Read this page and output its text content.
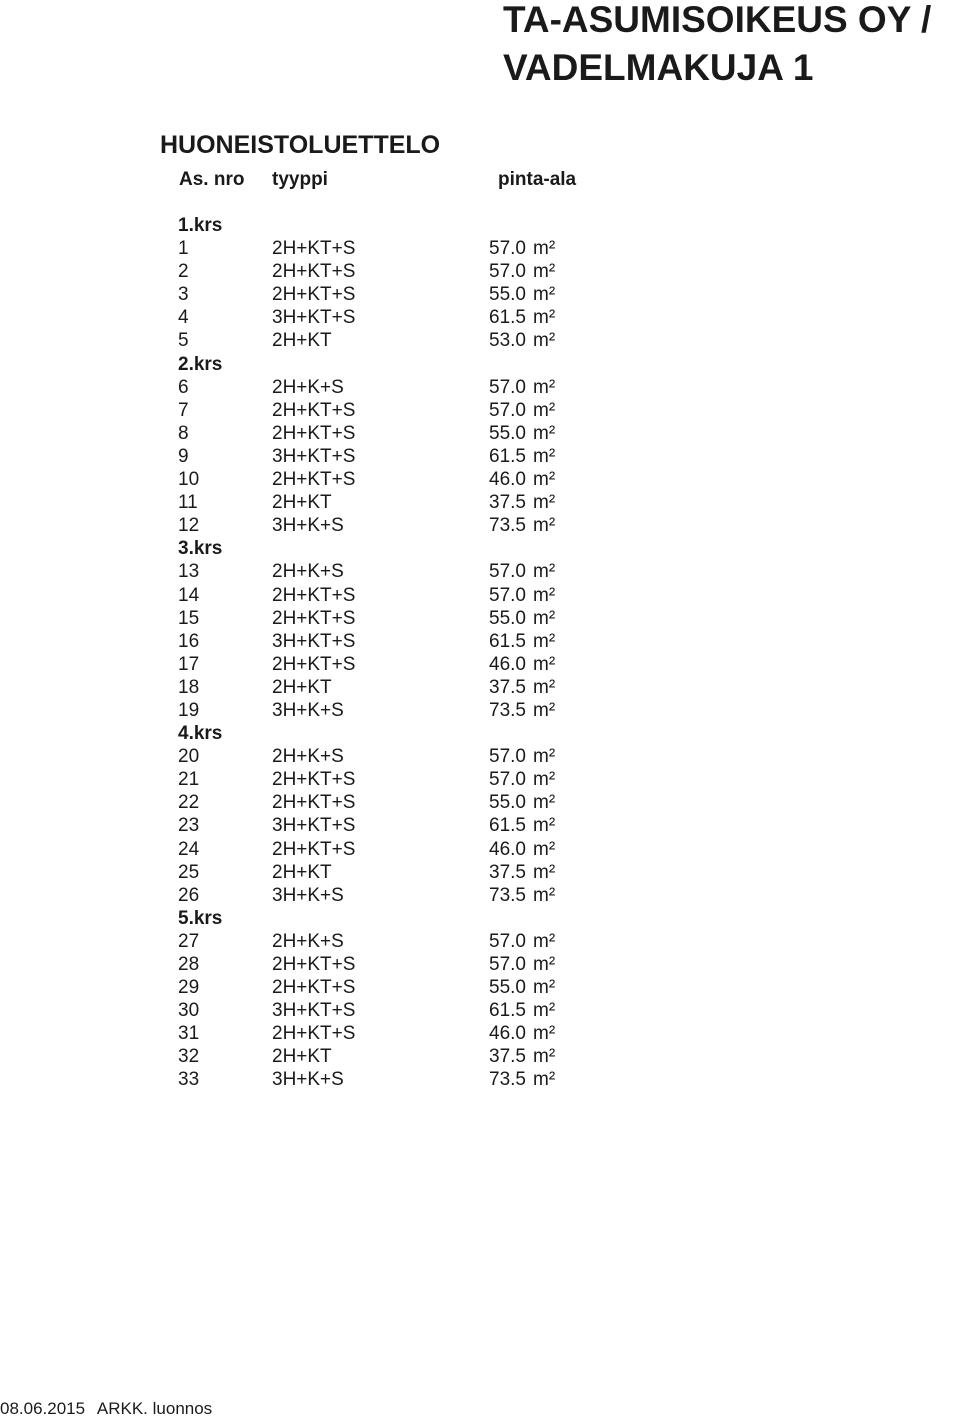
TA-ASUMISOIKEUS OY /
VADELMAKUJA 1
HUONEISTOLUETTELO
As. nro tyyppi	pinta-ala
1.krs
1	2H+KT+S	57.0 m²
2	2H+KT+S	57.0 m²
3	2H+KT+S	55.0 m²
4	3H+KT+S	61.5 m²
5	2H+KT	53.0 m²
2.krs
6	2H+K+S	57.0 m²
7	2H+KT+S	57.0 m²
8	2H+KT+S	55.0 m²
9	3H+KT+S	61.5 m²
10	2H+KT+S	46.0 m²
11	2H+KT	37.5 m²
12	3H+K+S	73.5 m²
3.krs
13	2H+K+S	57.0 m²
14	2H+KT+S	57.0 m²
15	2H+KT+S	55.0 m²
16	3H+KT+S	61.5 m²
17	2H+KT+S	46.0 m²
18	2H+KT	37.5 m²
19	3H+K+S	73.5 m²
4.krs
20	2H+K+S	57.0 m²
21	2H+KT+S	57.0 m²
22	2H+KT+S	55.0 m²
23	3H+KT+S	61.5 m²
24	2H+KT+S	46.0 m²
25	2H+KT	37.5 m²
26	3H+K+S	73.5 m²
5.krs
27	2H+K+S	57.0 m²
28	2H+KT+S	57.0 m²
29	2H+KT+S	55.0 m²
30	3H+KT+S	61.5 m²
31	2H+KT+S	46.0 m²
32	2H+KT	37.5 m²
33	3H+K+S	73.5 m²
08.06.2015 ARKK. luonnos
